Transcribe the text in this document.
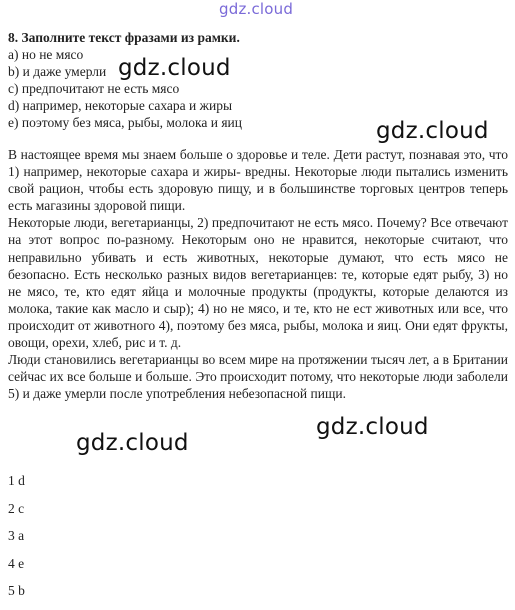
gdz.cloud
gdz.cloud
gdz.cloud
gdz.cloud
gdz.cloud
8. Заполните текст фразами из рамки.
a) но не мясо
b) и даже умерли
c) предпочитают не есть мясо
d) например, некоторые сахара и жиры
e) поэтому без мяса, рыбы, молока и яиц

В настоящее время мы знаем больше о здоровье и теле. Дети растут, познавая это, что 1) например, некоторые сахара и жиры- вредны. Некоторые люди пытались изменить свой рацион, чтобы есть здоровую пищу, и в большинстве торговых центров теперь есть магазины здоровой пищи.

Некоторые люди, вегетарианцы, 2) предпочитают не есть мясо. Почему? Все отвечают на этот вопрос по-разному. Некоторым оно не нравится, некоторые считают, что неправильно убивать и есть животных, некоторые думают, что есть мясо не безопасно. Есть несколько разных видов вегетарианцев: те, которые едят рыбу, 3) но не мясо, те, кто едят яйца и молочные продукты (продукты, которые делаются из молока, такие как масло и сыр); 4) но не мясо, и те, кто не ест животных или все, что происходит от животного 4), поэтому без мяса, рыбы, молока и яиц. Они едят фрукты, овощи, орехи, хлеб, рис и т. д.

Люди становились вегетарианцы во всем мире на протяжении тысяч лет, а в Британии сейчас их все больше и больше. Это происходит потому, что некоторые люди заболели 5) и даже умерли после употребления небезопасной пищи.

1 d
2 c
3 a
4 e
5 b
